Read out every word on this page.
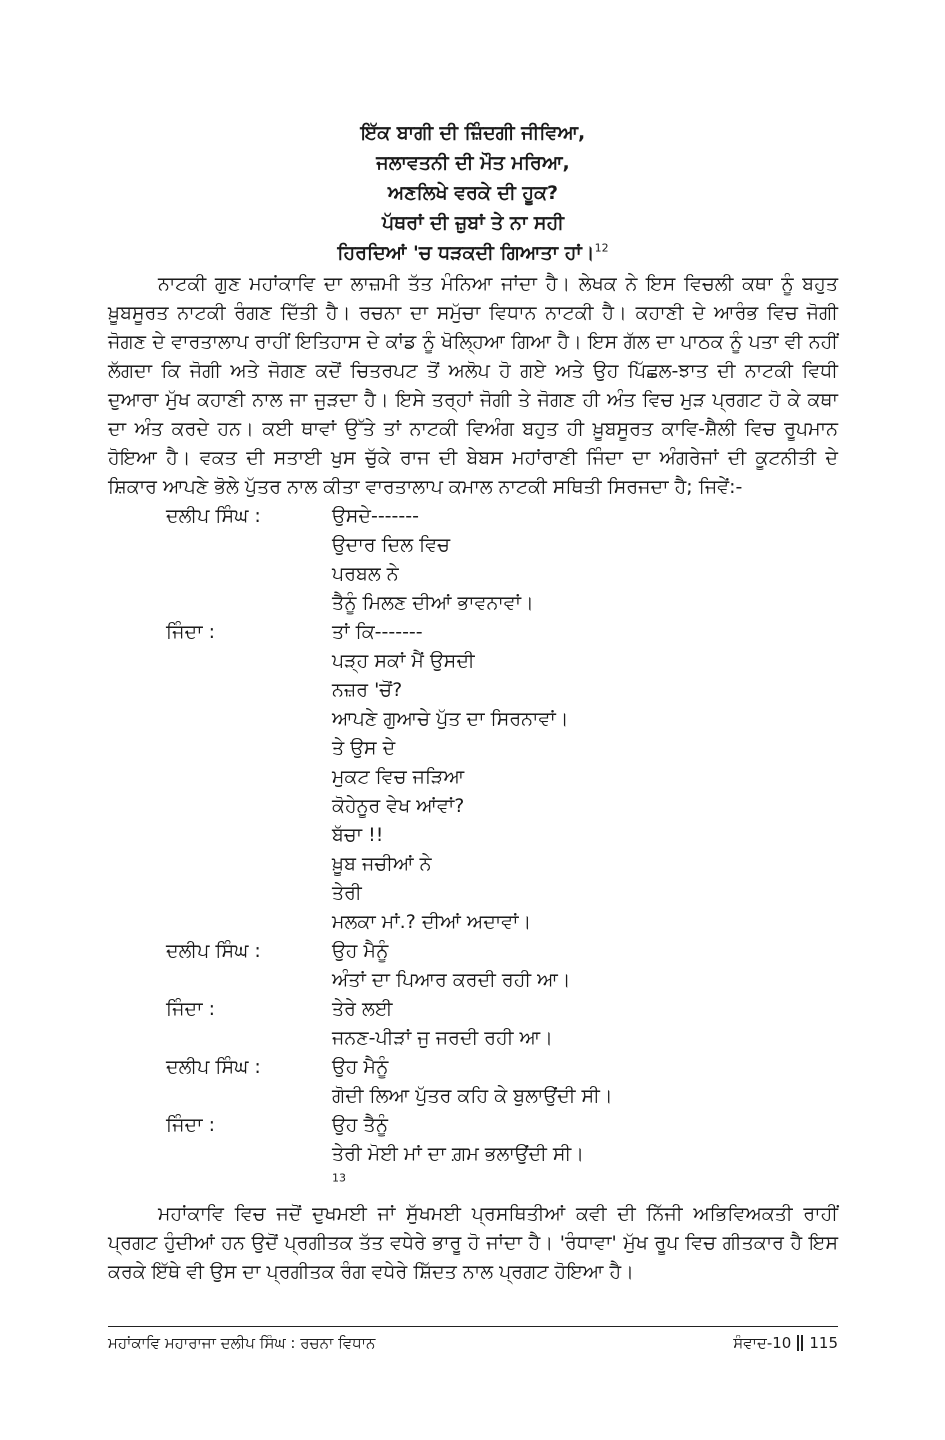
ਇੱਕ ਬਾਗੀ ਦੀ ਜ਼ਿੰਦਗੀ ਜੀਵਿਆ,
ਜਲਾਵਤਨੀ ਦੀ ਮੌਤ ਮਰਿਆ,
ਅਣਲਿਖੇ ਵਰਕੇ ਦੀ ਹੂਕ?
ਪੱਥਰਾਂ ਦੀ ਜ਼ੁਬਾਂ ਤੇ ਨਾ ਸਹੀ
ਹਿਰਦਿਆਂ 'ਚ ਧੜਕਦੀ ਗਿਆਤਾ ਹਾਂ।$^{12}$

ਨਾਟਕੀ ਗੁਣ ਮਹਾਂਕਾਵਿ ਦਾ ਲਾਜ਼ਮੀ ਤੱਤ ਮੰਨਿਆ ਜਾਂਦਾ ਹੈ। ਲੇਖਕ ਨੇ ਇਸ ਵਿਚਲੀ ਕਥਾ ਨੂੰ ਬਹੁਤ ਖ਼ੂਬਸੂਰਤ ਨਾਟਕੀ ਰੰਗਣ ਦਿੱਤੀ ਹੈ। ਰਚਨਾ ਦਾ ਸਮੁੱਚਾ ਵਿਧਾਨ ਨਾਟਕੀ ਹੈ। ਕਹਾਣੀ ਦੇ ਆਰੰਭ ਵਿਚ ਜੋਗੀ ਜੋਗਣ ਦੇ ਵਾਰਤਾਲਾਪ ਰਾਹੀਂ ਇਤਿਹਾਸ ਦੇ ਕਾਂਡ ਨੂੰ ਖੋਲ੍ਹਿਆ ਗਿਆ ਹੈ। ਇਸ ਗੱਲ ਦਾ ਪਾਠਕ ਨੂੰ ਪਤਾ ਵੀ ਨਹੀਂ ਲੱਗਦਾ ਕਿ ਜੋਗੀ ਅਤੇ ਜੋਗਣ ਕਦੋਂ ਚਿਤਰਪਟ ਤੋਂ ਅਲੋਪ ਹੋ ਗਏ ਅਤੇ ਉਹ ਪਿੱਛਲ-ਝਾਤ ਦੀ ਨਾਟਕੀ ਵਿਧੀ ਦੁਆਰਾ ਮੁੱਖ ਕਹਾਣੀ ਨਾਲ ਜਾ ਜੁੜਦਾ ਹੈ। ਇਸੇ ਤਰ੍ਹਾਂ ਜੋਗੀ ਤੇ ਜੋਗਣ ਹੀ ਅੰਤ ਵਿਚ ਮੁੜ ਪ੍ਰਗਟ ਹੋ ਕੇ ਕਥਾ ਦਾ ਅੰਤ ਕਰਦੇ ਹਨ। ਕਈ ਥਾਵਾਂ ਉੱਤੇ ਤਾਂ ਨਾਟਕੀ ਵਿਅੰਗ ਬਹੁਤ ਹੀ ਖ਼ੂਬਸੂਰਤ ਕਾਵਿ-ਸ਼ੈਲੀ ਵਿਚ ਰੂਪਮਾਨ ਹੋਇਆ ਹੈ। ਵਕਤ ਦੀ ਸਤਾਈ ਖੁਸ ਚੁੱਕੇ ਰਾਜ ਦੀ ਬੇਬਸ ਮਹਾਂਰਾਣੀ ਜਿੰਦਾ ਦਾ ਅੰਗਰੇਜਾਂ ਦੀ ਕੂਟਨੀਤੀ ਦੇ ਸ਼ਿਕਾਰ ਆਪਣੇ ਭੋਲੇ ਪੁੱਤਰ ਨਾਲ ਕੀਤਾ ਵਾਰਤਾਲਾਪ ਕਮਾਲ ਨਾਟਕੀ ਸਥਿਤੀ ਸਿਰਜਦਾ ਹੈ; ਜਿਵੇਂ:-

ਦਲੀਪ ਸਿੰਘ :	ਉਸਦੇ-------
ਉਦਾਰ ਦਿਲ ਵਿਚ
ਪਰਬਲ ਨੇ
ਤੈਨੂੰ ਮਿਲਣ ਦੀਆਂ ਭਾਵਨਾਵਾਂ।
ਜਿੰਦਾ :	ਤਾਂ ਕਿ-------
ਪੜ੍ਹ ਸਕਾਂ ਮੈਂ ਉਸਦੀ
ਨਜ਼ਰ 'ਚੋਂ?
ਆਪਣੇ ਗੁਆਚੇ ਪੁੱਤ ਦਾ ਸਿਰਨਾਵਾਂ।
ਤੇ ਉਸ ਦੇ
ਮੁਕਟ ਵਿਚ ਜੜਿਆ
ਕੋਹੇਨੂਰ ਵੇਖ ਆਂਵਾਂ?
ਬੱਚਾ !!
ਖ਼ੂਬ ਜਚੀਆਂ ਨੇ
ਤੇਰੀ
ਮਲਕਾ ਮਾਂ.? ਦੀਆਂ ਅਦਾਵਾਂ।
ਦਲੀਪ ਸਿੰਘ :	ਉਹ ਮੈਨੂੰ
ਅੰਤਾਂ ਦਾ ਪਿਆਰ ਕਰਦੀ ਰਹੀ ਆ।
ਜਿੰਦਾ :	ਤੇਰੇ ਲਈ
ਜਨਣ-ਪੀੜਾਂ ਜੁ ਜਰਦੀ ਰਹੀ ਆ।
ਦਲੀਪ ਸਿੰਘ :	ਉਹ ਮੈਨੂੰ
ਗੋਦੀ ਲਿਆ ਪੁੱਤਰ ਕਹਿ ਕੇ ਬੁਲਾਉਂਦੀ ਸੀ।
ਜਿੰਦਾ :	ਉਹ ਤੈਨੂੰ
ਤੇਰੀ ਮੋਈ ਮਾਂ ਦਾ ਗ਼ਮ ਭਲਾਉਂਦੀ ਸੀ।
$^{13}$

ਮਹਾਂਕਾਵਿ ਵਿਚ ਜਦੋਂ ਦੁਖਮਈ ਜਾਂ ਸੁੱਖਮਈ ਪ੍ਰਸਥਿਤੀਆਂ ਕਵੀ ਦੀ ਨਿੱਜੀ ਅਭਿਵਿਅਕਤੀ ਰਾਹੀਂ ਪ੍ਰਗਟ ਹੁੰਦੀਆਂ ਹਨ ਉਦੋਂ ਪ੍ਰਗੀਤਕ ਤੱਤ ਵਧੇਰੇ ਭਾਰੂ ਹੋ ਜਾਂਦਾ ਹੈ। 'ਰੰਧਾਵਾ' ਮੁੱਖ ਰੂਪ ਵਿਚ ਗੀਤਕਾਰ ਹੈ ਇਸ ਕਰਕੇ ਇੱਥੇ ਵੀ ਉਸ ਦਾ ਪ੍ਰਗੀਤਕ ਰੰਗ ਵਧੇਰੇ ਸ਼ਿੱਦਤ ਨਾਲ ਪ੍ਰਗਟ ਹੋਇਆ ਹੈ।

ਮਹਾਂਕਾਵਿ ਮਹਾਰਾਜਾ ਦਲੀਪ ਸਿੰਘ : ਰਚਨਾ ਵਿਧਾਨ	ਸੰਵਾਦ-10 115
